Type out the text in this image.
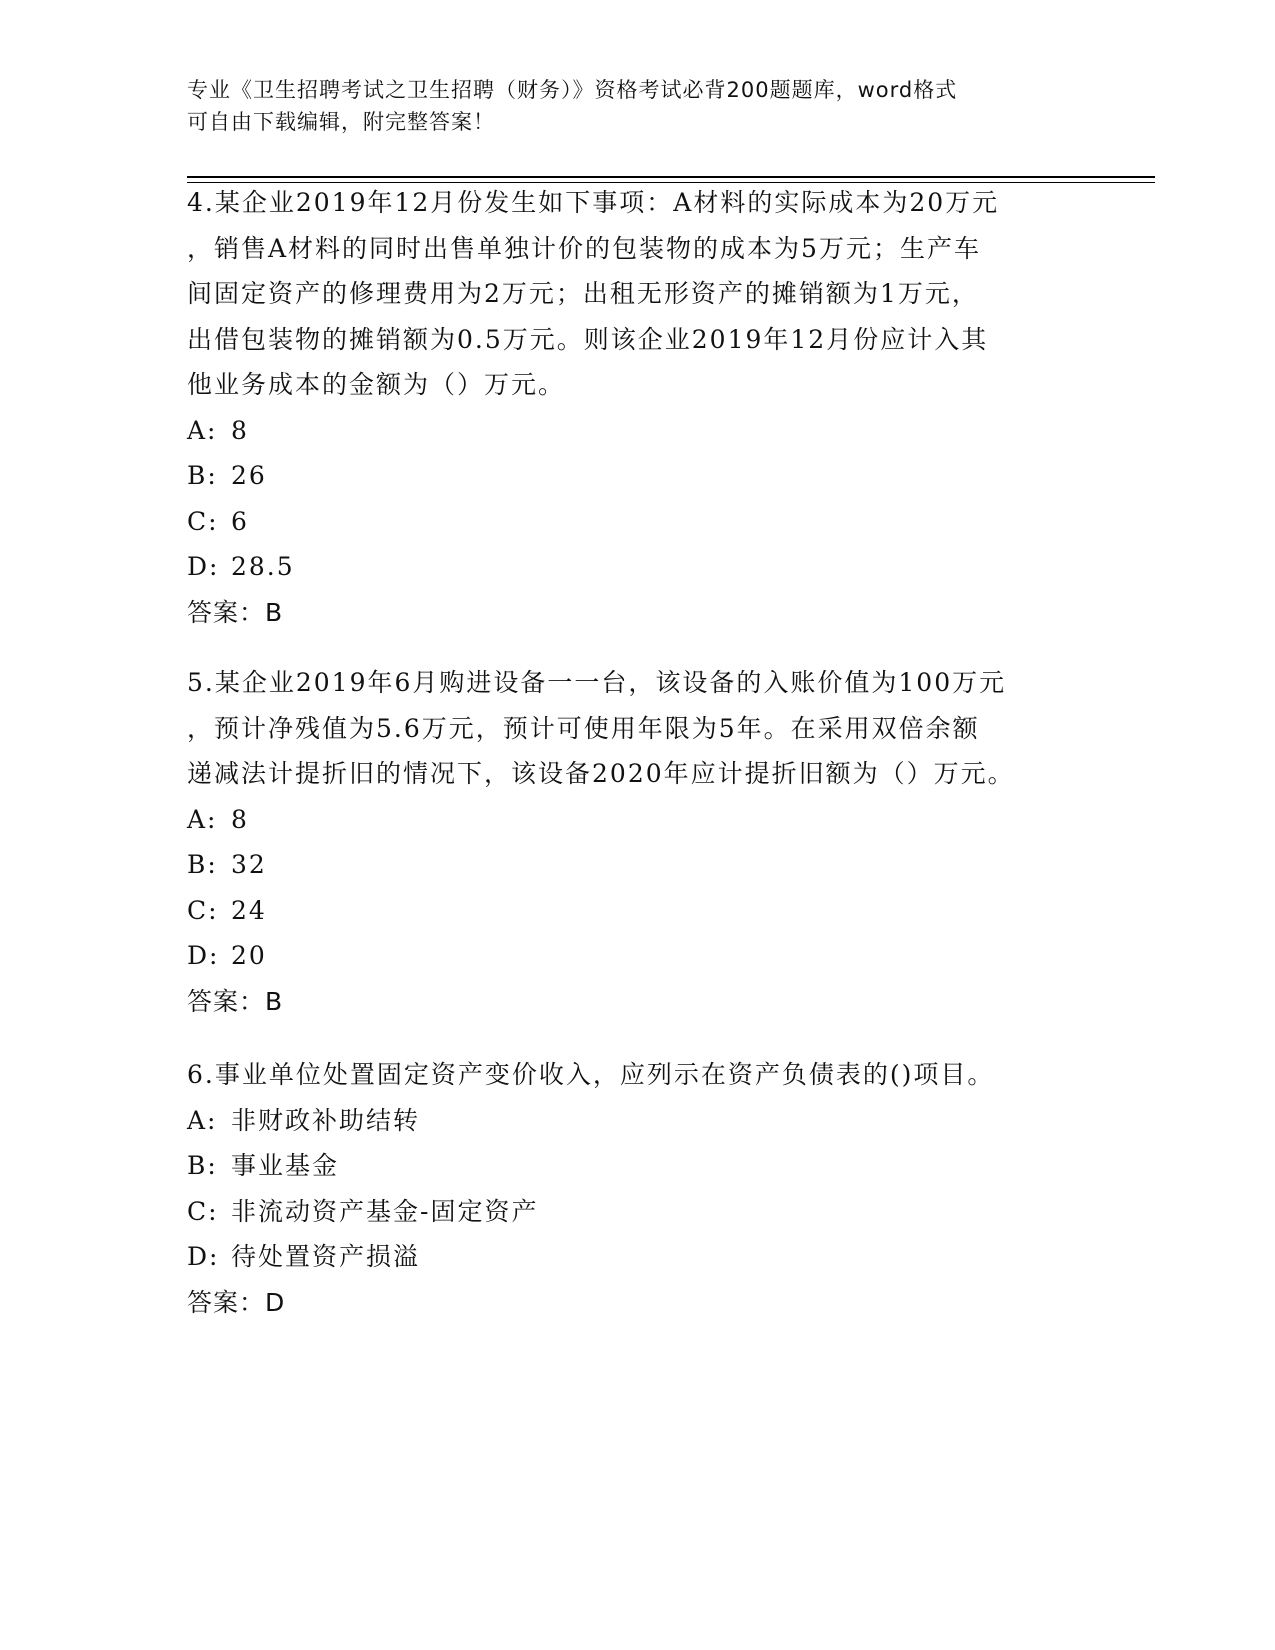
专业《卫生招聘考试之卫生招聘（财务）》资格考试必背200题题库，word格式
可自由下载编辑，附完整答案！

4.某企业2019年12月份发生如下事项：A材料的实际成本为20万元

，销售A材料的同时出售单独计价的包装物的成本为5万元；生产车

间固定资产的修理费用为2万元；出租无形资产的摊销额为1万元，

出借包装物的摊销额为0.5万元。则该企业2019年12月份应计入其

他业务成本的金额为（）万元。

A: 8

B: 26

C: 6

D: 28.5

答案：B

5.某企业2019年6月购进设备一一台，该设备的入账价值为100万元

，预计净残值为5.6万元，预计可使用年限为5年。在采用双倍余额

递减法计提折旧的情况下，该设备2020年应计提折旧额为（）万元。

A: 8

B: 32

C: 24

D: 20

答案：B

6.事业单位处置固定资产变价收入，应列示在资产负债表的()项目。

A: 非财政补助结转

B: 事业基金

C: 非流动资产基金-固定资产

D: 待处置资产损溢

答案：D
